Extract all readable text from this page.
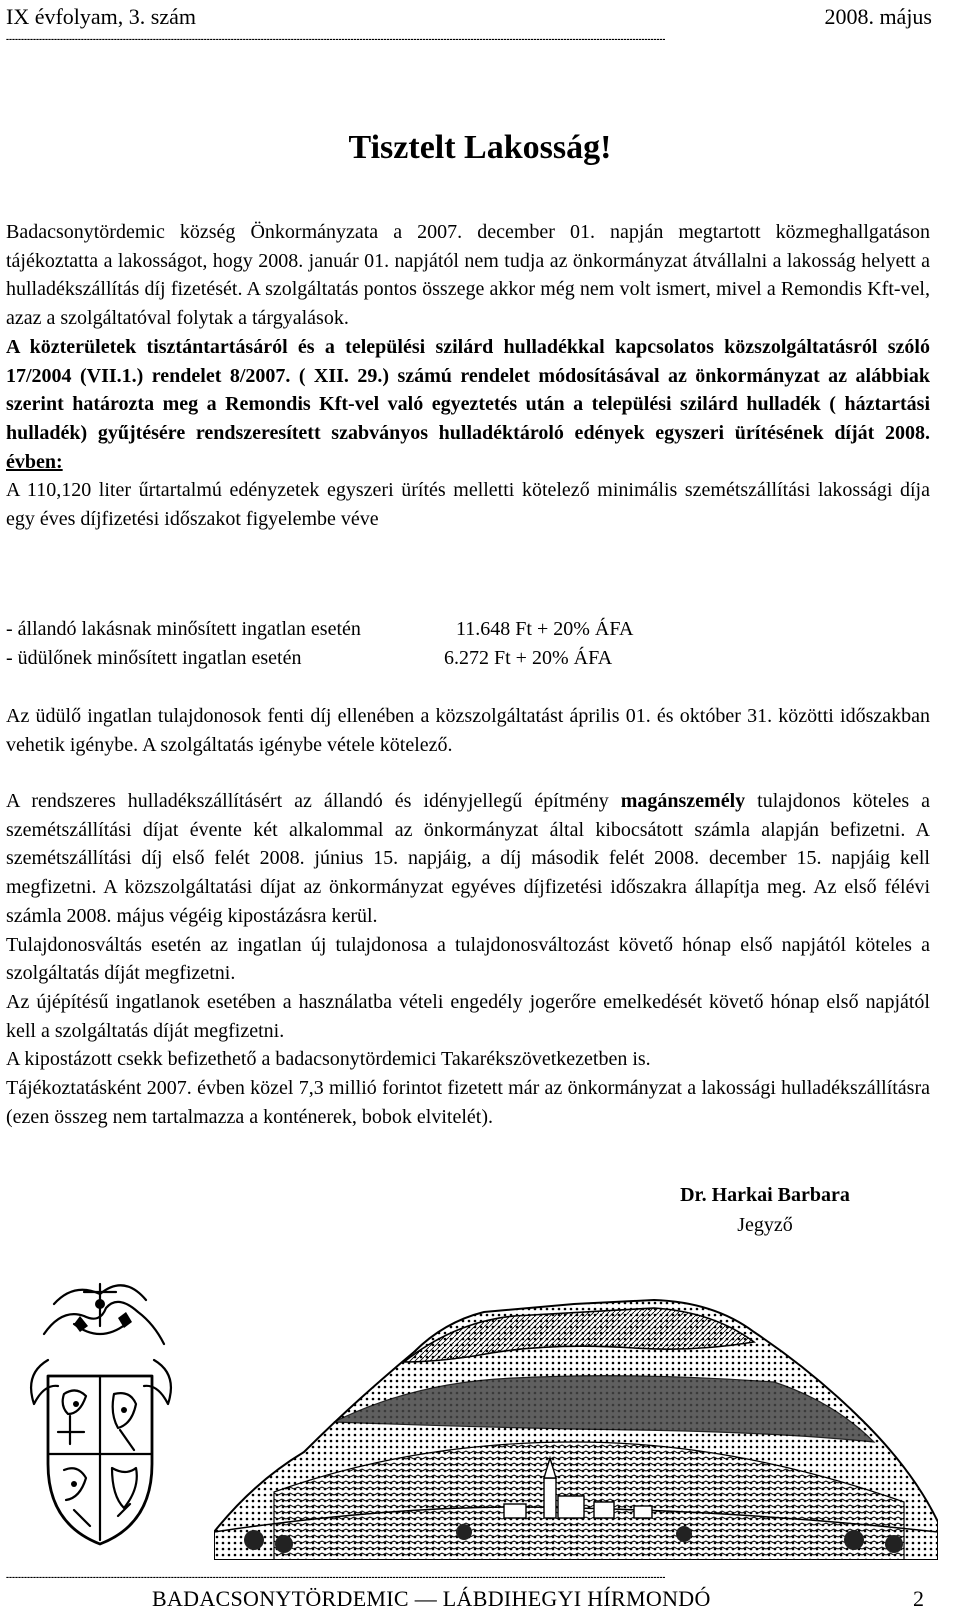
IX évfolyam, 3. szám	2008. május
----------------------------------------------------------------------------------------------------------------------------------------------------------------------------------------------------------------------------
Tisztelt Lakosság!

Badacsonytördemic község Önkormányzata a 2007. december 01. napján megtartott közmeghallgatáson tájékoztatta a lakosságot, hogy 2008. január 01. napjától nem tudja az önkormányzat átvállalni a lakosság helyett a hulladékszállítás díj fizetését. A szolgáltatás pontos összege akkor még nem volt ismert, mivel a Remondis Kft-vel, azaz a szolgáltatóval folytak a tárgyalások.

A közterületek tisztántartásáról és a települési szilárd hulladékkal kapcsolatos közszolgáltatásról szóló 17/2004 (VII.1.) rendelet 8/2007. ( XII. 29.) számú rendelet módosításával az önkormányzat az alábbiak szerint határozta meg a Remondis Kft-vel való egyeztetés után a települési szilárd hulladék ( háztartási hulladék) gyűjtésére rendszeresített szabványos hulladéktároló edények egyszeri ürítésének díját 2008. évben:

A 110,120 liter űrtartalmú edényzetek egyszeri ürítés melletti kötelező minimális szemétszállítási lakossági díja egy éves díjfizetési időszakot figyelembe véve

- állandó lakásnak minősített ingatlan esetén	11.648 Ft + 20% ÁFA
- üdülőnek minősített ingatlan esetén	6.272 Ft + 20% ÁFA

Az üdülő ingatlan tulajdonosok fenti díj ellenében a közszolgáltatást április 01. és október 31. közötti időszakban vehetik igénybe. A szolgáltatás igénybe vétele kötelező.

A rendszeres hulladékszállításért az állandó és idényjellegű építmény magánszemély tulajdonos köteles a szemétszállítási díjat évente két alkalommal az önkormányzat által kibocsátott számla alapján befizetni. A szemétszállítási díj első felét 2008. június 15. napjáig, a díj második felét 2008. december 15. napjáig kell megfizetni. A közszolgáltatási díjat az önkormányzat egyéves díjfizetési időszakra állapítja meg. Az első félévi számla 2008. május végéig kipostázásra kerül.

Tulajdonosváltás esetén az ingatlan új tulajdonosa a tulajdonosváltozást követő hónap első napjától köteles a szolgáltatás díját megfizetni.

Az újépítésű ingatlanok esetében a használatba vételi engedély jogerőre emelkedését követő hónap első napjától kell a szolgáltatás díját megfizetni.

A kipostázott csekk befizethető a badacsonytördemici Takarékszövetkezetben is.

Tájékoztatásként 2007. évben közel 7,3 millió forintot fizetett már az önkormányzat a lakossági hulladékszállításra (ezen összeg nem tartalmazza a konténerek, bobok elvitelét).

Dr. Harkai Barbara
Jegyző
----------------------------------------------------------------------------------------------------------------------------------------------------------------------------------------------------------------------------
BADACSONYTÖRDEMIC — LÁBDIHEGYI HÍRMONDÓ	2
